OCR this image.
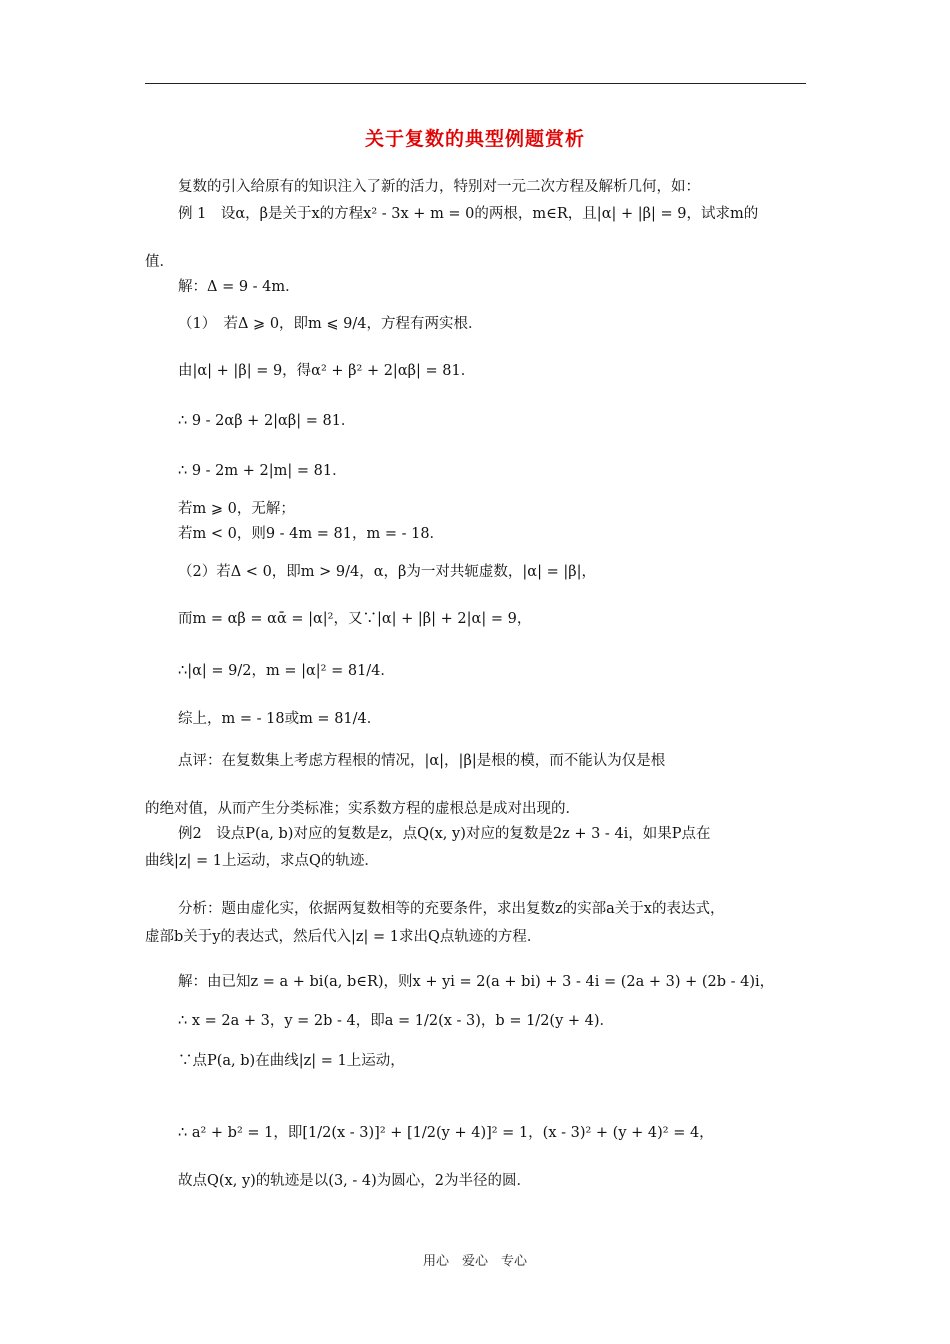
关于复数的典型例题赏析
复数的引入给原有的知识注入了新的活力，特别对一元二次方程及解析几何，如：
例 1　设α，β是关于x的方程x² - 3x + m = 0的两根，m∈R，且|α| + |β| = 9，试求m的
值．
解：Δ = 9 - 4m．
（1）　若Δ ⩾ 0，即m ⩽ 9/4，方程有两实根．
由|α| + |β| = 9，得α² + β² + 2|αβ| = 81．
∴ 9 - 2αβ + 2|αβ| = 81．
∴ 9 - 2m + 2|m| = 81．
若m ⩾ 0，无解；
若m < 0，则9 - 4m = 81，m = - 18．
（2）若Δ < 0，即m > 9/4，α，β为一对共轭虚数，|α| = |β|，
而m = αβ = αᾱ = |α|²，又∵|α| + |β| + 2|α| = 9，
∴|α| = 9/2，m = |α|² = 81/4．
综上，m = - 18或m = 81/4．
点评：在复数集上考虑方程根的情况，|α|，|β|是根的模，而不能认为仅是根
的绝对值，从而产生分类标准；实系数方程的虚根总是成对出现的．
例2　设点P(a, b)对应的复数是z，点Q(x, y)对应的复数是2z + 3 - 4i，如果P点在
曲线|z| = 1上运动，求点Q的轨迹．
分析：题由虚化实，依据两复数相等的充要条件，求出复数z的实部a关于x的表达式，
虚部b关于y的表达式，然后代入|z| = 1求出Q点轨迹的方程．
解：由已知z = a + bi(a, b∈R)，则x + yi = 2(a + bi) + 3 - 4i = (2a + 3) + (2b - 4)i，
∴ x = 2a + 3，y = 2b - 4，即a = 1/2(x - 3)，b = 1/2(y + 4)．
∵点P(a, b)在曲线|z| = 1上运动，
∴ a² + b² = 1，即[1/2(x - 3)]² + [1/2(y + 4)]² = 1，(x - 3)² + (y + 4)² = 4，
故点Q(x, y)的轨迹是以(3, - 4)为圆心，2为半径的圆．
用心　爱心　专心
